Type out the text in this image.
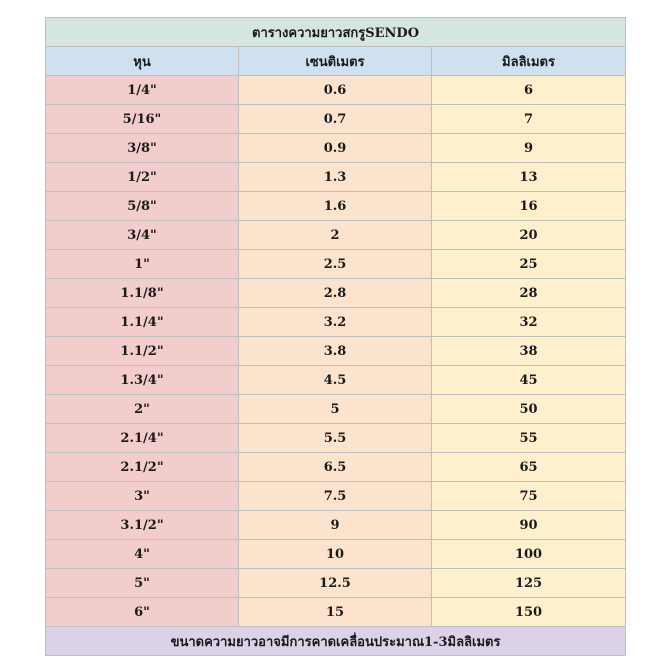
ตารางความยาวสกรูSENDO		
หุน	เซนติเมตร	มิลลิเมตร
1/4"	0.6	6
5/16"	0.7	7
3/8"	0.9	9
1/2"	1.3	13
5/8"	1.6	16
3/4"	2	20
1"	2.5	25
1.1/8"	2.8	28
1.1/4"	3.2	32
1.1/2"	3.8	38
1.3/4"	4.5	45
2"	5	50
2.1/4"	5.5	55
2.1/2"	6.5	65
3"	7.5	75
3.1/2"	9	90
4"	10	100
5"	12.5	125
6"	15	150
ขนาดความยาวอาจมีการคาดเคลื่อนประมาณ1-3มิลลิเมตร		
